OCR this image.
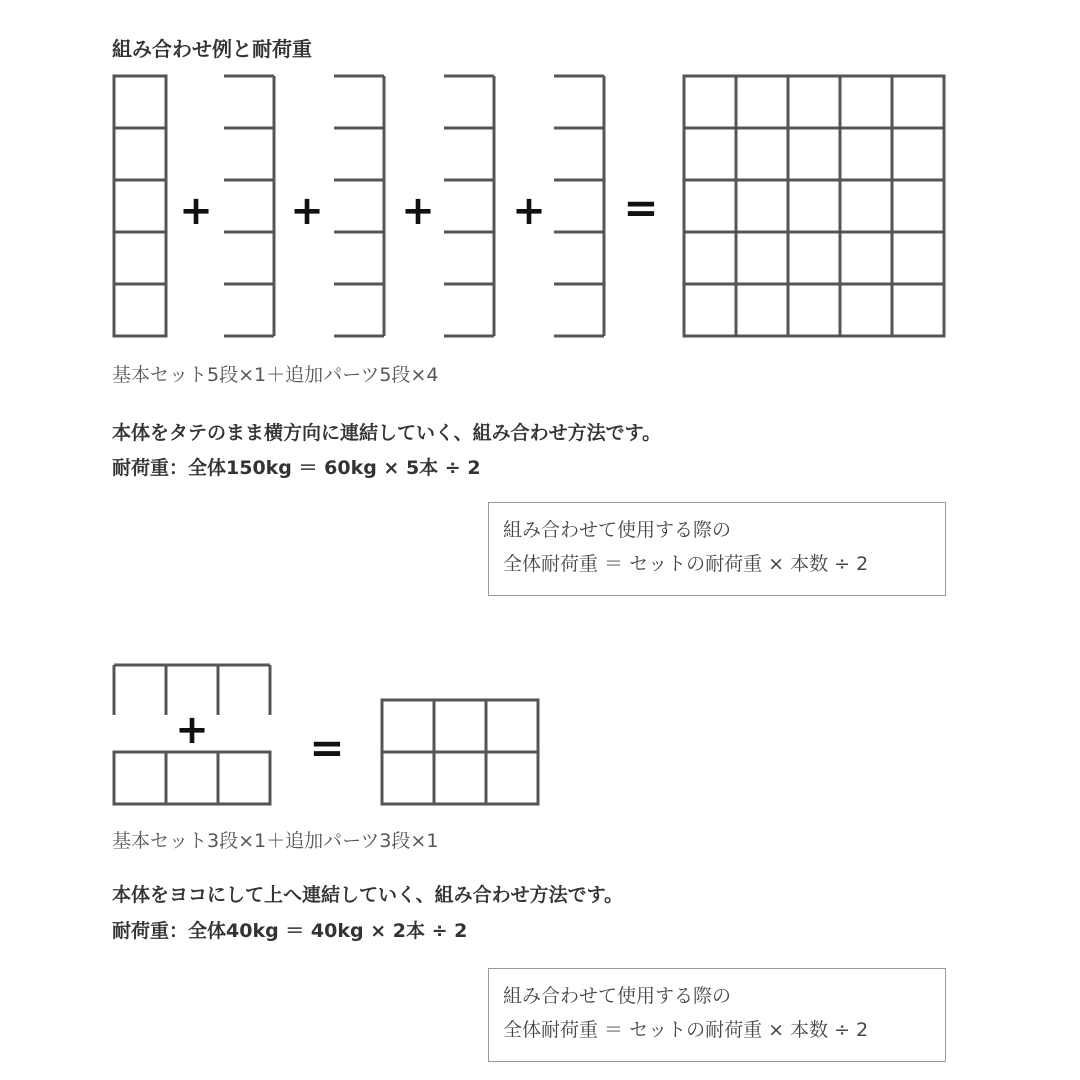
組み合わせ例と耐荷重
+ + + + =
+ =
基本セット5段×1＋追加パーツ5段×4
本体をタテのまま横方向に連結していく、組み合わせ方法です。
耐荷重：全体150kg ＝ 60kg × 5本 ÷ 2
組み合わせて使用する際の
全体耐荷重 ＝ セットの耐荷重 × 本数 ÷ 2
基本セット3段×1＋追加パーツ3段×1
本体をヨコにして上へ連結していく、組み合わせ方法です。
耐荷重：全体40kg ＝ 40kg × 2本 ÷ 2
組み合わせて使用する際の
全体耐荷重 ＝ セットの耐荷重 × 本数 ÷ 2
